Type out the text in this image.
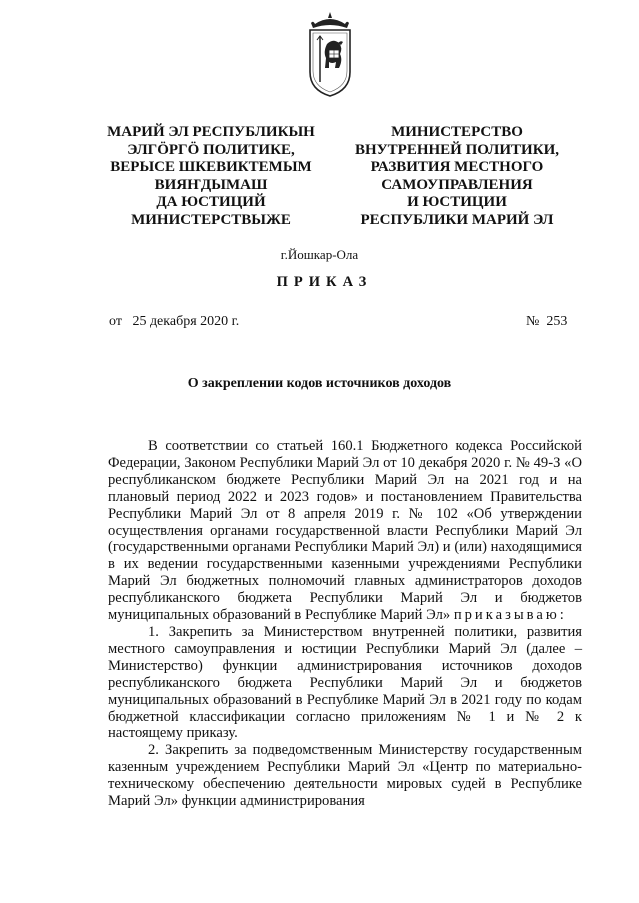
МАРИЙ ЭЛ РЕСПУБЛИКЫН
ЭЛГӦРГӦ ПОЛИТИКЕ,
ВЕРЫСЕ ШКЕВИКТЕМЫМ
ВИЯҤДЫМАШ
ДА ЮСТИЦИЙ
МИНИСТЕРСТВЫЖЕ
МИНИСТЕРСТВО
ВНУТРЕННЕЙ ПОЛИТИКИ,
РАЗВИТИЯ МЕСТНОГО
САМОУПРАВЛЕНИЯ
И ЮСТИЦИИ
РЕСПУБЛИКИ МАРИЙ ЭЛ
г.Йошкар-Ола
ПРИКАЗ
от 25 декабря 2020 г.	№ 253
О закреплении кодов источников доходов

В соответствии со статьей 160.1 Бюджетного кодекса Российской Федерации, Законом Республики Марий Эл от 10 декабря 2020 г. № 49-З «О республиканском бюджете Республики Марий Эл на 2021 год и на плановый период 2022 и 2023 годов» и постановлением Правительства Республики Марий Эл от 8 апреля 2019 г. № 102 «Об утверждении осуществления органами государственной власти Республики Марий Эл (государственными органами Республики Марий Эл) и (или) находящимися в их ведении государственными казенными учреждениями Республики Марий Эл бюджетных полномочий главных администраторов доходов республиканского бюджета Республики Марий Эл и бюджетов муниципальных образований в Республике Марий Эл» приказываю:

1. Закрепить за Министерством внутренней политики, развития местного самоуправления и юстиции Республики Марий Эл (далее – Министерство) функции администрирования источников доходов республиканского бюджета Республики Марий Эл и бюджетов муниципальных образований в Республике Марий Эл в 2021 году по кодам бюджетной классификации согласно приложениям № 1 и № 2 к настоящему приказу.

2. Закрепить за подведомственным Министерству государственным казенным учреждением Республики Марий Эл «Центр по материально-техническому обеспечению деятельности мировых судей в Республике Марий Эл» функции администрирования
